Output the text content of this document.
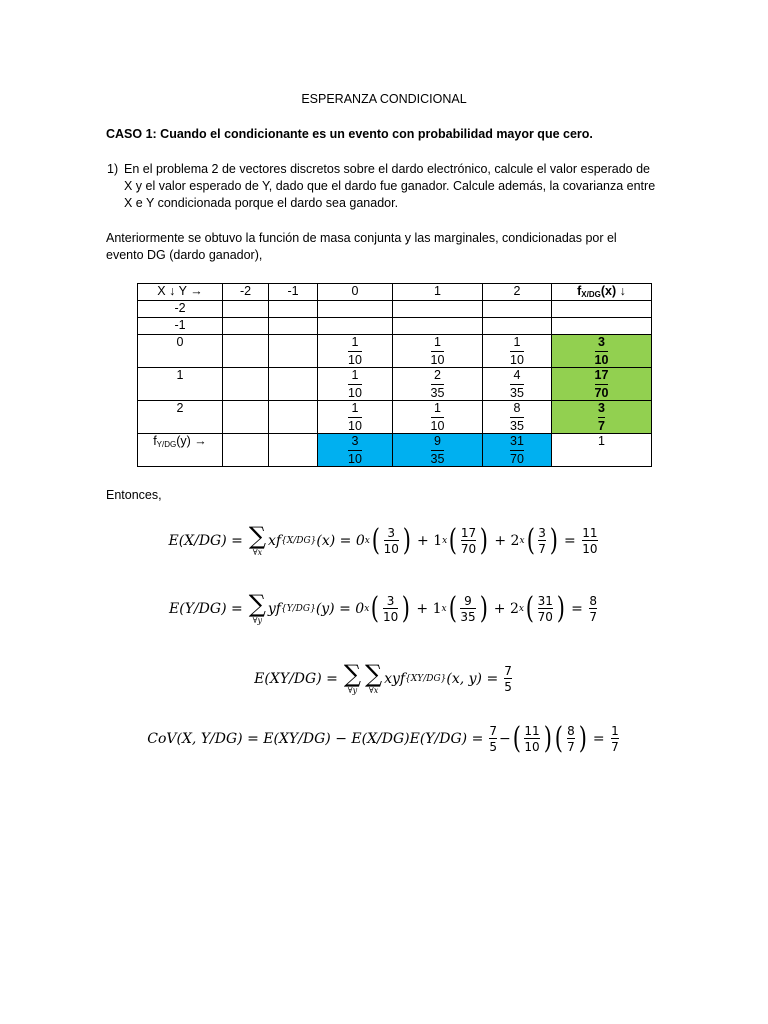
ESPERANZA CONDICIONAL
CASO 1: Cuando el condicionante es un evento con probabilidad mayor que cero.
1) En el problema 2 de vectores discretos sobre el dardo electrónico, calcule el valor esperado de
X y el valor esperado de Y, dado que el dardo fue ganador. Calcule además, la covarianza entre
X e Y condicionada porque el dardo sea ganador.
Anteriormente se obtuvo la función de masa conjunta y las marginales, condicionadas por el
evento DG (dardo ganador),
X ↓ Y →	-2	-1	0	1	2	$f_{X/DG}(x)$ ↓
-2						
-1						
0			$\frac{1}{10}$	$\frac{1}{10}$	$\frac{1}{10}$	$\frac{3}{10}$

1			$\frac{1}{10}$	$\frac{2}{35}$	$\frac{4}{35}$	$\frac{17}{70}$

2			$\frac{1}{10}$	$\frac{1}{10}$	$\frac{8}{35}$	$\frac{3}{7}$

$f_{Y/DG}(y)$ →			$\frac{3}{10}$	$\frac{9}{35}$	$\frac{31}{70}$	1
Entonces,
E(X/DG) = ∑
∀x
xf {X/DG} (x) = 0 x ( 3
10 ) + 1 x ( 17
70 ) + 2 x ( 3
7 ) = $\frac{11}{10}$
E(Y/DG) = ∑
∀y
yf {Y/DG} (y) = 0 x ( 3
10 ) + 1 x ( 9
35 ) + 2 x ( 31
70 ) = $\frac{8}{7}$
E(XY/DG) = ∑
∀y
∑
∀x
xyf {XY/DG} (x, y) = 7
5
CoV(X, Y/DG) = E(XY/DG) − E(X/DG)E(Y/DG) = 7
5 − ( 11
10 ) ( 8
7 ) = $\frac{1}{7}$
